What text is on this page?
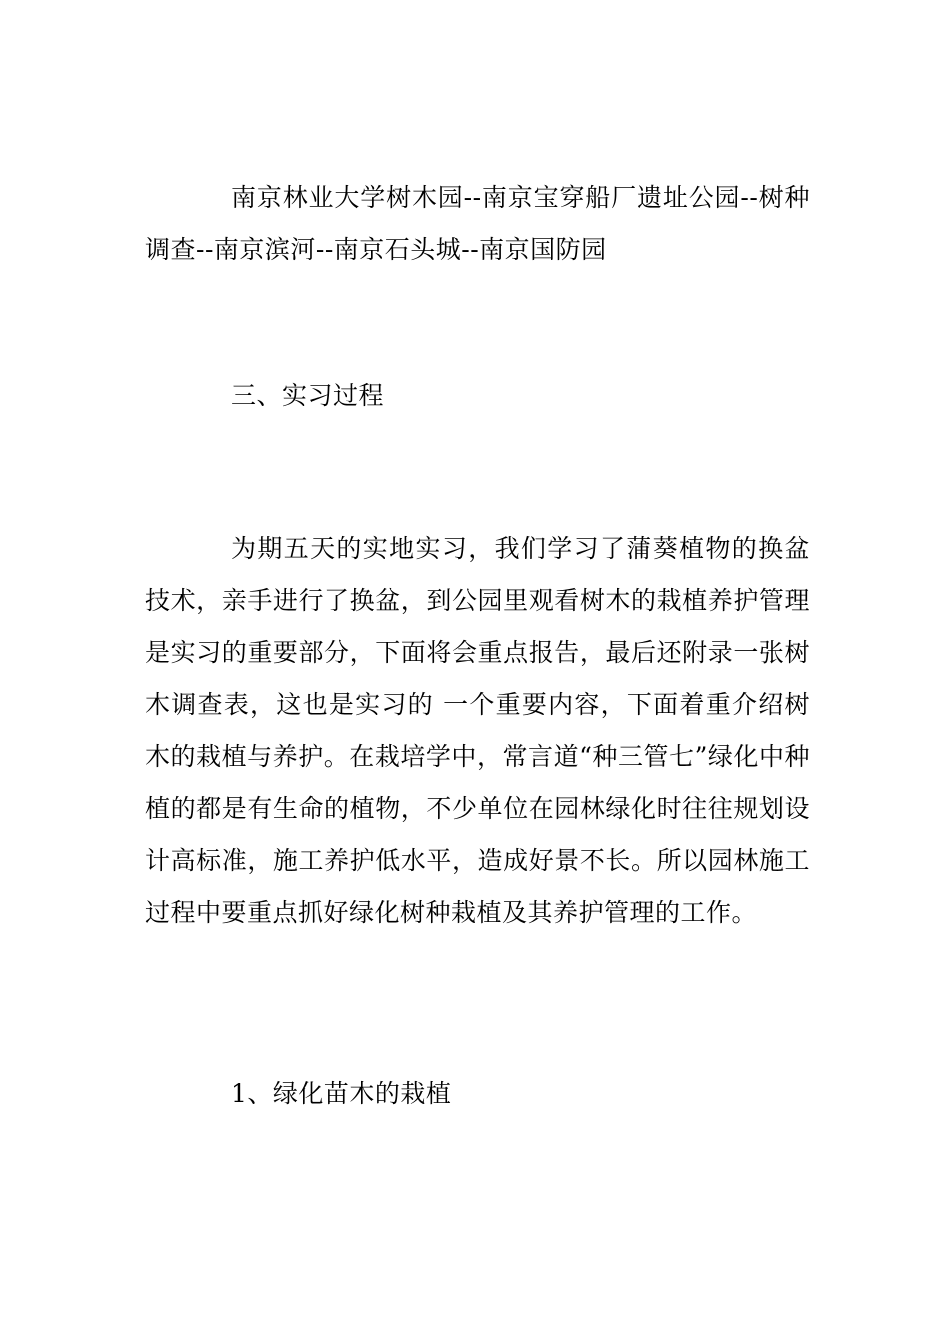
南京林业大学树木园--南京宝穿船厂遗址公园--树种调查--南京滨河--南京石头城--南京国防园

三、实习过程

为期五天的实地实习，我们学习了蒲葵植物的换盆技术，亲手进行了换盆，到公园里观看树木的栽植养护管理是实习的重要部分，下面将会重点报告，最后还附录一张树木调查表，这也是实习的 一个重要内容，下面着重介绍树木的栽植与养护。在栽培学中，常言道“种三管七”绿化中种植的都是有生命的植物，不少单位在园林绿化时往往规划设计高标准，施工养护低水平，造成好景不长。所以园林施工过程中要重点抓好绿化树种栽植及其养护管理的工作。

1、绿化苗木的栽植
